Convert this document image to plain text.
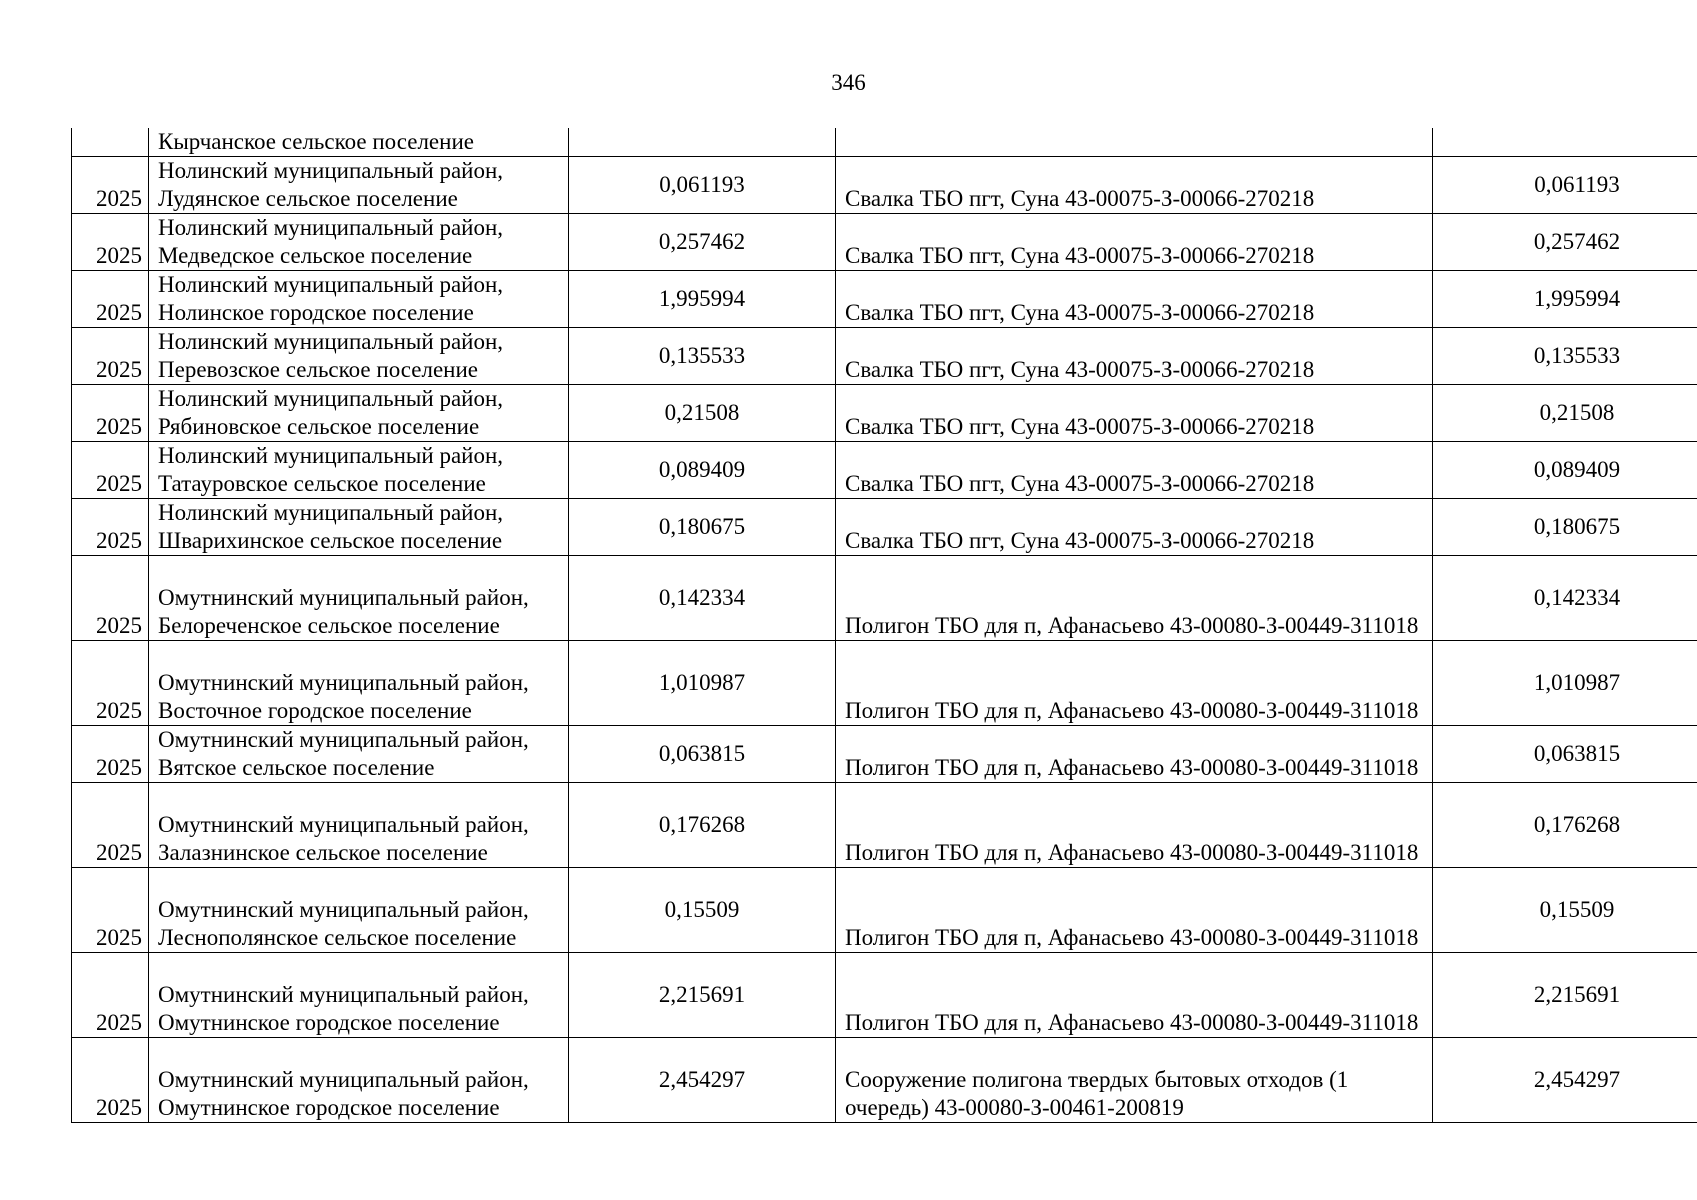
346
	Кырчанское сельское поселение			
2025	Нолинский муниципальный район, Лудянское сельское поселение	0,061193	Свалка ТБО пгт, Суна 43-00075-З-00066-270218	0,061193
2025	Нолинский муниципальный район, Медведское сельское поселение	0,257462	Свалка ТБО пгт, Суна 43-00075-З-00066-270218	0,257462
2025	Нолинский муниципальный район, Нолинское городское поселение	1,995994	Свалка ТБО пгт, Суна 43-00075-З-00066-270218	1,995994
2025	Нолинский муниципальный район, Перевозское сельское поселение	0,135533	Свалка ТБО пгт, Суна 43-00075-З-00066-270218	0,135533
2025	Нолинский муниципальный район, Рябиновское сельское поселение	0,21508	Свалка ТБО пгт, Суна 43-00075-З-00066-270218	0,21508
2025	Нолинский муниципальный район, Татауровское сельское поселение	0,089409	Свалка ТБО пгт, Суна 43-00075-З-00066-270218	0,089409
2025	Нолинский муниципальный район, Шварихинское сельское поселение	0,180675	Свалка ТБО пгт, Суна 43-00075-З-00066-270218	0,180675
2025	Омутнинский муниципальный район, Белореченское сельское поселение	0,142334	Полигон ТБО для п, Афанасьево 43-00080-З-00449-311018	0,142334
2025	Омутнинский муниципальный район, Восточное городское поселение	1,010987	Полигон ТБО для п, Афанасьево 43-00080-З-00449-311018	1,010987
2025	Омутнинский муниципальный район, Вятское сельское поселение	0,063815	Полигон ТБО для п, Афанасьево 43-00080-З-00449-311018	0,063815
2025	Омутнинский муниципальный район, Залазнинское сельское поселение	0,176268	Полигон ТБО для п, Афанасьево 43-00080-З-00449-311018	0,176268
2025	Омутнинский муниципальный район, Леснополянское сельское поселение	0,15509	Полигон ТБО для п, Афанасьево 43-00080-З-00449-311018	0,15509
2025	Омутнинский муниципальный район, Омутнинское городское поселение	2,215691	Полигон ТБО для п, Афанасьево 43-00080-З-00449-311018	2,215691
2025	Омутнинский муниципальный район, Омутнинское городское поселение	2,454297	Сооружение полигона твердых бытовых отходов (1 очередь) 43-00080-З-00461-200819	2,454297
